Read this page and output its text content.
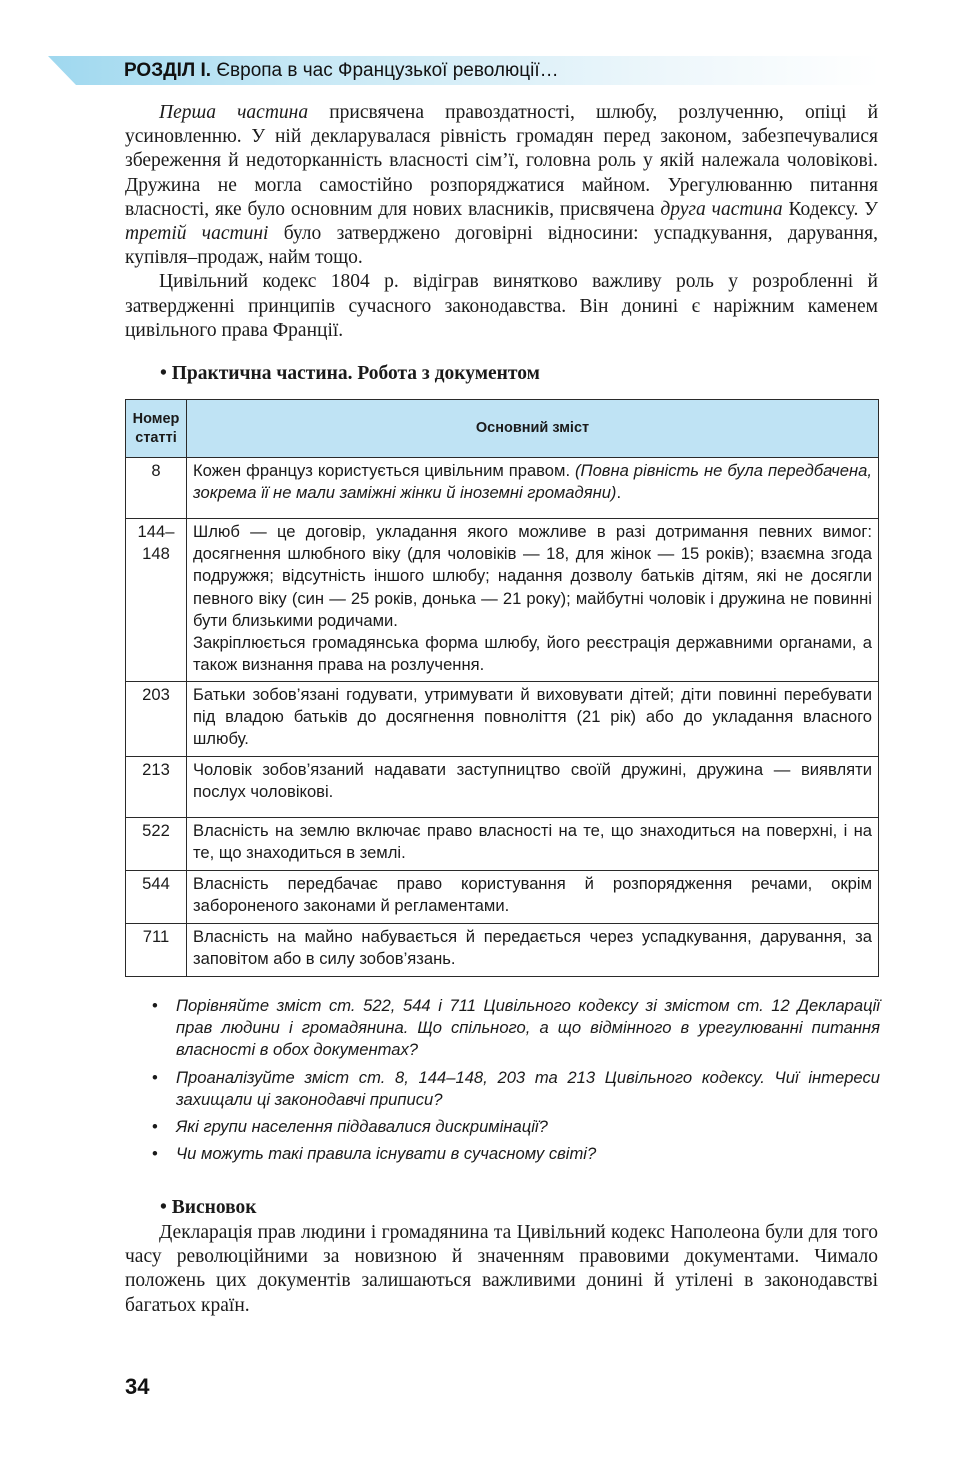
РОЗДІЛ І. Європа в час Французької революції…

Перша частина присвячена правоздатності, шлюбу, розлученню, опіці й усиновленню. У ній декларувалася рівність громадян перед законом, забезпечувалися збереження й недоторканність власності сім’ї, головна роль у якій належала чоловікові. Дружина не могла самостійно розпоряджатися майном. Урегулюванню питання власності, яке було основним для нових власників, присвячена друга частина Кодексу. У третій частині було затверджено договірні відносини: успадкування, дарування, купівля–продаж, найм тощо.

Цивільний кодекс 1804 р. відіграв винятково важливу роль у розробленні й затвердженні принципів сучасного законодавства. Він донині є наріжним каменем цивільного права Франції.

• Практична частина. Робота з документом
Номер статті	Основний зміст
8	Кожен француз користується цивільним правом. (Повна рівність не була передбачена, зокрема її не мали заміжні жінки й іноземні громадяни).
144–148	Шлюб — це договір, укладання якого можливе в разі дотримання певних вимог: досягнення шлюбного віку (для чоловіків — 18, для жінок — 15 років); взаємна згода подружжя; відсутність іншого шлюбу; надання дозволу батьків дітям, які не досягли певного віку (син — 25 років, донька — 21 року); майбутні чоловік і дружина не повинні бути близькими родичами.

Закріплюється громадянська форма шлюбу, його реєстрація державними органами, а також визнання права на розлучення.

203	Батьки зобов’язані годувати, утримувати й виховувати дітей; діти повинні перебувати під владою батьків до досягнення повноліття (21 рік) або до укладання власного шлюбу.
213	Чоловік зобов’язаний надавати заступництво своїй дружині, дружина — виявляти послух чоловікові.
522	Власність на землю включає право власності на те, що знаходиться на поверхні, і на те, що знаходиться в землі.
544	Власність передбачає право користування й розпорядження речами, окрім забороненого законами й регламентами.
711	Власність на майно набувається й передається через успадкування, дарування, за заповітом або в силу зобов’язань.
• Порівняйте зміст ст. 522, 544 і 711 Цивільного кодексу зі змістом ст. 12 Декларації прав людини і громадянина. Що спільного, а що відмінного в урегулюванні питання власності в обох документах?
• Проаналізуйте зміст ст. 8, 144–148, 203 та 213 Цивільного кодексу. Чиї інтереси захищали ці законодавчі приписи?
• Які групи населення піддавалися дискримінації?
• Чи можуть такі правила існувати в сучасному світі?
• Висновок

Декларація прав людини і громадянина та Цивільний кодекс Наполеона були для того часу революційними за новизною й значенням правовими документами. Чимало положень цих документів залишаються важливими донині й утілені в законодавстві багатьох країн.

34
